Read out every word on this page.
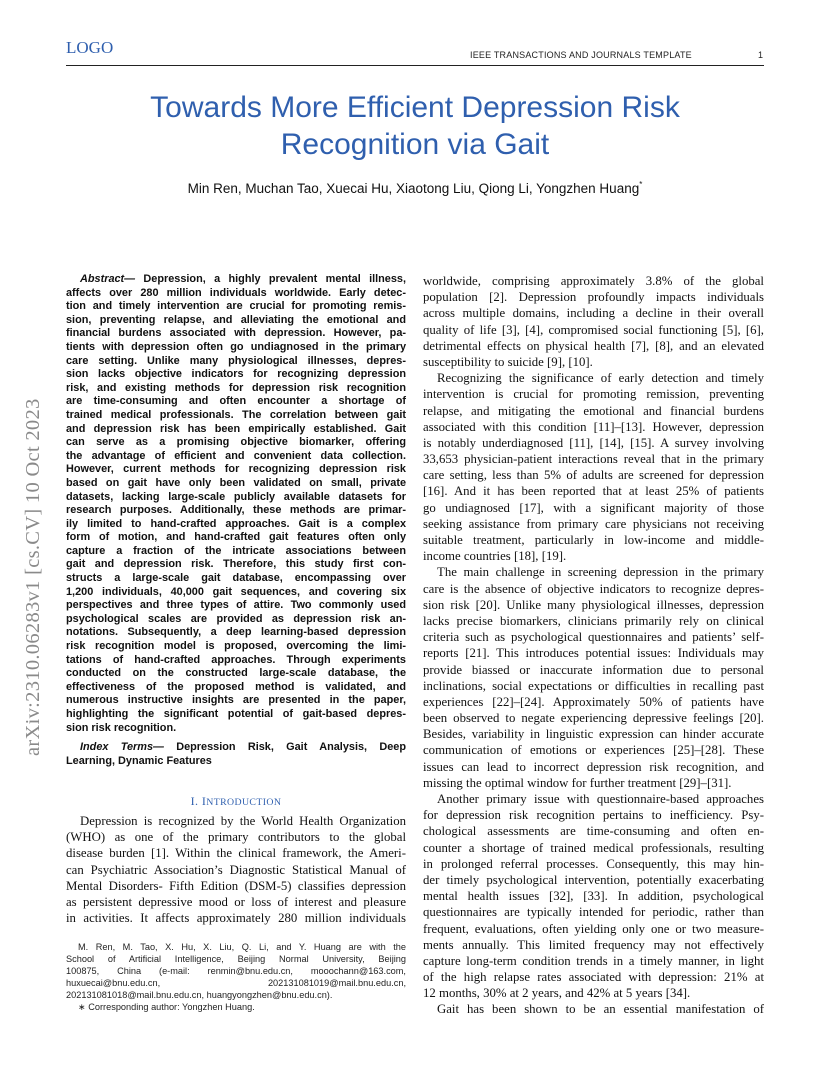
LOGO	IEEE TRANSACTIONS AND JOURNALS TEMPLATE	1
Towards More Efficient Depression Risk
Recognition via Gait
Min Ren, Muchan Tao, Xuecai Hu, Xiaotong Liu, Qiong Li, Yongzhen Huang*
arXiv:2310.06283v1 [cs.CV] 10 Oct 2023
Abstract— Depression, a highly prevalent mental illness,
affects over 280 million individuals worldwide. Early detec-
tion and timely intervention are crucial for promoting remis-
sion, preventing relapse, and alleviating the emotional and
financial burdens associated with depression. However, pa-
tients with depression often go undiagnosed in the primary
care setting. Unlike many physiological illnesses, depres-
sion lacks objective indicators for recognizing depression
risk, and existing methods for depression risk recognition
are time-consuming and often encounter a shortage of
trained medical professionals. The correlation between gait
and depression risk has been empirically established. Gait
can serve as a promising objective biomarker, offering
the advantage of efficient and convenient data collection.
However, current methods for recognizing depression risk
based on gait have only been validated on small, private
datasets, lacking large-scale publicly available datasets for
research purposes. Additionally, these methods are primar-
ily limited to hand-crafted approaches. Gait is a complex
form of motion, and hand-crafted gait features often only
capture a fraction of the intricate associations between
gait and depression risk. Therefore, this study first con-
structs a large-scale gait database, encompassing over
1,200 individuals, 40,000 gait sequences, and covering six
perspectives and three types of attire. Two commonly used
psychological scales are provided as depression risk an-
notations. Subsequently, a deep learning-based depression
risk recognition model is proposed, overcoming the limi-
tations of hand-crafted approaches. Through experiments
conducted on the constructed large-scale database, the
effectiveness of the proposed method is validated, and
numerous instructive insights are presented in the paper,
highlighting the significant potential of gait-based depres-
sion risk recognition.
Index Terms— Depression Risk, Gait Analysis, Deep
Learning, Dynamic Features
I. INTRODUCTION
Depression is recognized by the World Health Organization
(WHO) as one of the primary contributors to the global
disease burden [1]. Within the clinical framework, the Ameri-
can Psychiatric Association’s Diagnostic Statistical Manual of
Mental Disorders- Fifth Edition (DSM-5) classifies depression
as persistent depressive mood or loss of interest and pleasure
in activities. It affects approximately 280 million individuals
M. Ren, M. Tao, X. Hu, X. Liu, Q. Li, and Y. Huang are with the
School of Artificial Intelligence, Beijing Normal University, Beijing
100875, China (e-mail: renmin@bnu.edu.cn, mooochann@163.com,
huxuecai@bnu.edu.cn, 202131081019@mail.bnu.edu.cn,
202131081018@mail.bnu.edu.cn, huangyongzhen@bnu.edu.cn).
∗ Corresponding author: Yongzhen Huang.
worldwide, comprising approximately 3.8% of the global
population [2]. Depression profoundly impacts individuals
across multiple domains, including a decline in their overall
quality of life [3], [4], compromised social functioning [5], [6],
detrimental effects on physical health [7], [8], and an elevated
susceptibility to suicide [9], [10].
Recognizing the significance of early detection and timely
intervention is crucial for promoting remission, preventing
relapse, and mitigating the emotional and financial burdens
associated with this condition [11]–[13]. However, depression
is notably underdiagnosed [11], [14], [15]. A survey involving
33,653 physician-patient interactions reveal that in the primary
care setting, less than 5% of adults are screened for depression
[16]. And it has been reported that at least 25% of patients
go undiagnosed [17], with a significant majority of those
seeking assistance from primary care physicians not receiving
suitable treatment, particularly in low-income and middle-
income countries [18], [19].
The main challenge in screening depression in the primary
care is the absence of objective indicators to recognize depres-
sion risk [20]. Unlike many physiological illnesses, depression
lacks precise biomarkers, clinicians primarily rely on clinical
criteria such as psychological questionnaires and patients’ self-
reports [21]. This introduces potential issues: Individuals may
provide biassed or inaccurate information due to personal
inclinations, social expectations or difficulties in recalling past
experiences [22]–[24]. Approximately 50% of patients have
been observed to negate experiencing depressive feelings [20].
Besides, variability in linguistic expression can hinder accurate
communication of emotions or experiences [25]–[28]. These
issues can lead to incorrect depression risk recognition, and
missing the optimal window for further treatment [29]–[31].
Another primary issue with questionnaire-based approaches
for depression risk recognition pertains to inefficiency. Psy-
chological assessments are time-consuming and often en-
counter a shortage of trained medical professionals, resulting
in prolonged referral processes. Consequently, this may hin-
der timely psychological intervention, potentially exacerbating
mental health issues [32], [33]. In addition, psychological
questionnaires are typically intended for periodic, rather than
frequent, evaluations, often yielding only one or two measure-
ments annually. This limited frequency may not effectively
capture long-term condition trends in a timely manner, in light
of the high relapse rates associated with depression: 21% at
12 months, 30% at 2 years, and 42% at 5 years [34].
Gait has been shown to be an essential manifestation of
